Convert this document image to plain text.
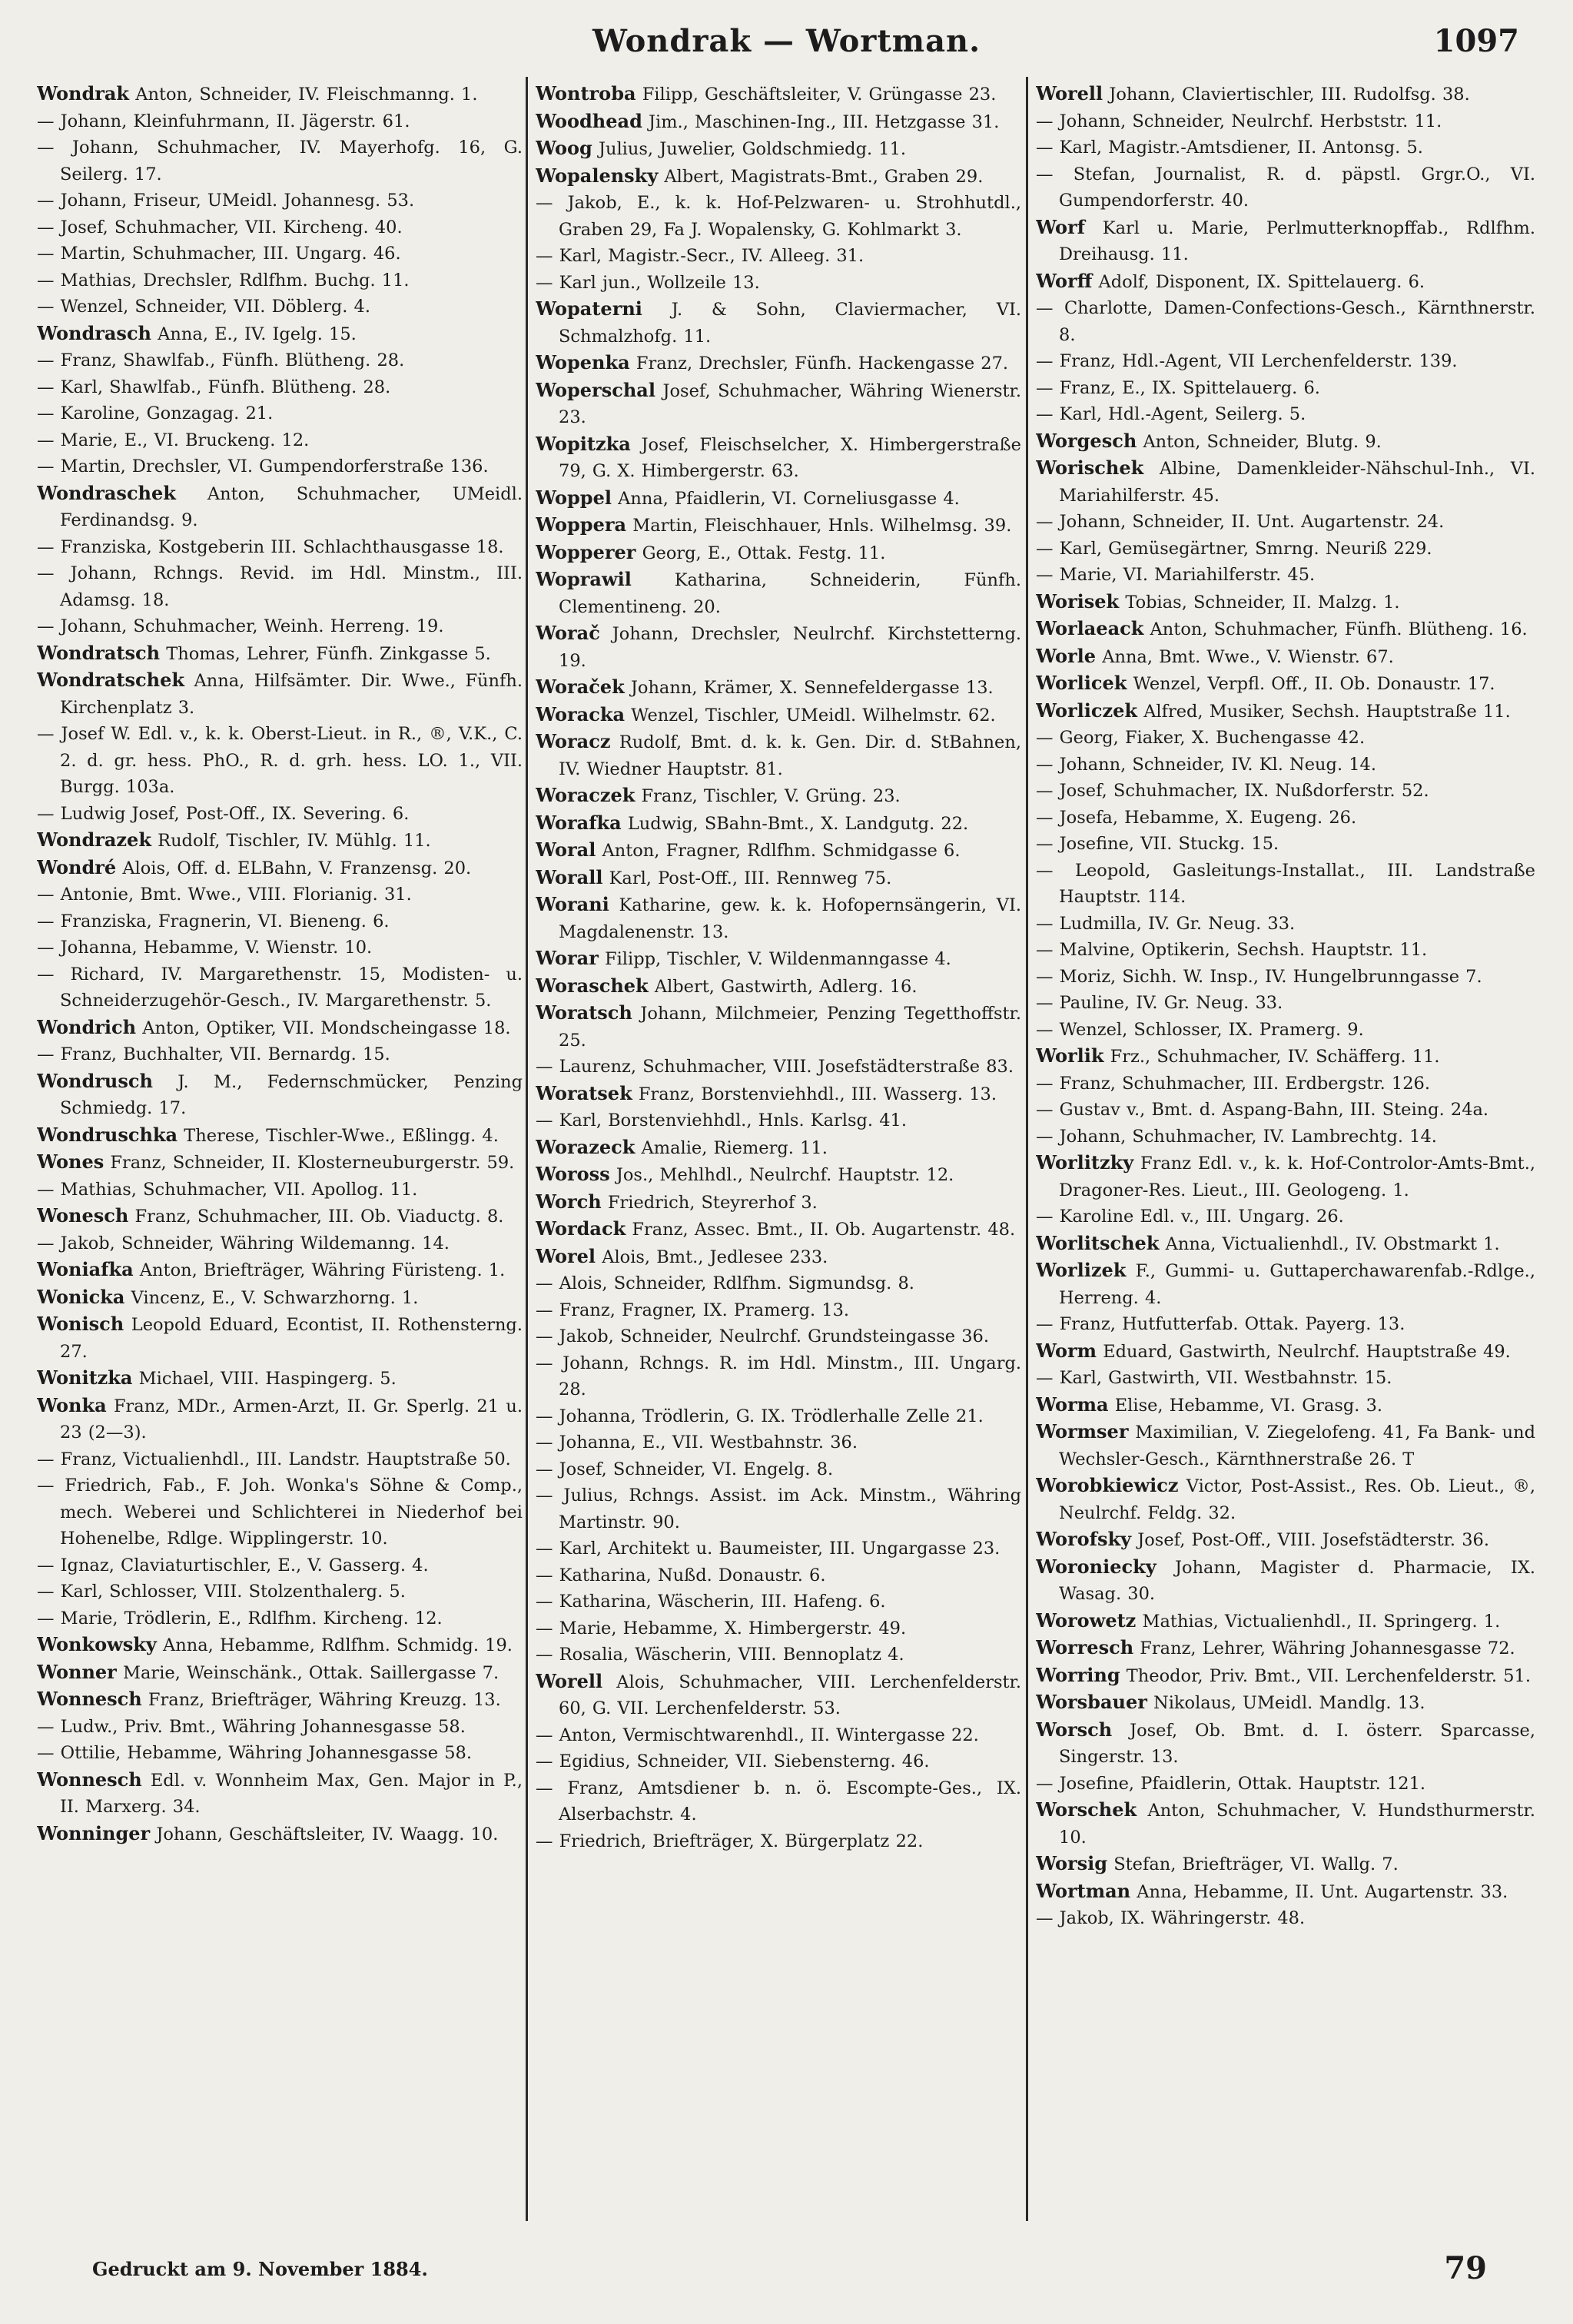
Wondrak — Wortman.	1097

Wondrak Anton, Schneider, IV. Fleischmanng. 1.

— Johann, Kleinfuhrmann, II. Jägerstr. 61.

— Johann, Schuhmacher, IV. Mayerhofg. 16, G. Seilerg. 17.

— Johann, Friseur, UMeidl. Johannesg. 53.

— Josef, Schuhmacher, VII. Kircheng. 40.

— Martin, Schuhmacher, III. Ungarg. 46.

— Mathias, Drechsler, Rdlfhm. Buchg. 11.

— Wenzel, Schneider, VII. Döblerg. 4.

Wondrasch Anna, E., IV. Igelg. 15.

— Franz, Shawlfab., Fünfh. Blütheng. 28.

— Karl, Shawlfab., Fünfh. Blütheng. 28.

— Karoline, Gonzagag. 21.

— Marie, E., VI. Bruckeng. 12.

— Martin, Drechsler, VI. Gumpendorferstraße 136.

Wondraschek Anton, Schuhmacher, UMeidl. Ferdinandsg. 9.

— Franziska, Kostgeberin III. Schlachthausgasse 18.

— Johann, Rchngs. Revid. im Hdl. Minstm., III. Adamsg. 18.

— Johann, Schuhmacher, Weinh. Herreng. 19.

Wondratsch Thomas, Lehrer, Fünfh. Zinkgasse 5.

Wondratschek Anna, Hilfsämter. Dir. Wwe., Fünfh. Kirchenplatz 3.

— Josef W. Edl. v., k. k. Oberst-Lieut. in R., ®, V.K., C. 2. d. gr. hess. PhO., R. d. grh. hess. LO. 1., VII. Burgg. 103a.

— Ludwig Josef, Post-Off., IX. Severing. 6.

Wondrazek Rudolf, Tischler, IV. Mühlg. 11.

Wondré Alois, Off. d. ELBahn, V. Franzensg. 20.

— Antonie, Bmt. Wwe., VIII. Florianig. 31.

— Franziska, Fragnerin, VI. Bieneng. 6.

— Johanna, Hebamme, V. Wienstr. 10.

— Richard, IV. Margarethenstr. 15, Modisten- u. Schneiderzugehör-Gesch., IV. Margarethenstr. 5.

Wondrich Anton, Optiker, VII. Mondscheingasse 18.

— Franz, Buchhalter, VII. Bernardg. 15.

Wondrusch J. M., Federnschmücker, Penzing Schmiedg. 17.

Wondruschka Therese, Tischler-Wwe., Eßlingg. 4.

Wones Franz, Schneider, II. Klosterneuburgerstr. 59.

— Mathias, Schuhmacher, VII. Apollog. 11.

Wonesch Franz, Schuhmacher, III. Ob. Viaductg. 8.

— Jakob, Schneider, Währing Wildemanng. 14.

Woniafka Anton, Briefträger, Währing Füristeng. 1.

Wonicka Vincenz, E., V. Schwarzhorng. 1.

Wonisch Leopold Eduard, Econtist, II. Rothensterng. 27.

Wonitzka Michael, VIII. Haspingerg. 5.

Wonka Franz, MDr., Armen-Arzt, II. Gr. Sperlg. 21 u. 23 (2—3).

— Franz, Victualienhdl., III. Landstr. Hauptstraße 50.

— Friedrich, Fab., F. Joh. Wonka's Söhne & Comp., mech. Weberei und Schlichterei in Niederhof bei Hohenelbe, Rdlge. Wipplingerstr. 10.

— Ignaz, Claviaturtischler, E., V. Gasserg. 4.

— Karl, Schlosser, VIII. Stolzenthalerg. 5.

— Marie, Trödlerin, E., Rdlfhm. Kircheng. 12.

Wonkowsky Anna, Hebamme, Rdlfhm. Schmidg. 19.

Wonner Marie, Weinschänk., Ottak. Saillergasse 7.

Wonnesch Franz, Briefträger, Währing Kreuzg. 13.

— Ludw., Priv. Bmt., Währing Johannesgasse 58.

— Ottilie, Hebamme, Währing Johannesgasse 58.

Wonnesch Edl. v. Wonnheim Max, Gen. Major in P., II. Marxerg. 34.

Wonninger Johann, Geschäftsleiter, IV. Waagg. 10.

Wontroba Filipp, Geschäftsleiter, V. Grüngasse 23.

Woodhead Jim., Maschinen-Ing., III. Hetzgasse 31.

Woog Julius, Juwelier, Goldschmiedg. 11.

Wopalensky Albert, Magistrats-Bmt., Graben 29.

— Jakob, E., k. k. Hof-Pelzwaren- u. Strohhutdl., Graben 29, Fa J. Wopalensky, G. Kohlmarkt 3.

— Karl, Magistr.-Secr., IV. Alleeg. 31.

— Karl jun., Wollzeile 13.

Wopaterni J. & Sohn, Claviermacher, VI. Schmalzhofg. 11.

Wopenka Franz, Drechsler, Fünfh. Hackengasse 27.

Woperschal Josef, Schuhmacher, Währing Wienerstr. 23.

Wopitzka Josef, Fleischselcher, X. Himbergerstraße 79, G. X. Himbergerstr. 63.

Woppel Anna, Pfaidlerin, VI. Corneliusgasse 4.

Woppera Martin, Fleischhauer, Hnls. Wilhelmsg. 39.

Wopperer Georg, E., Ottak. Festg. 11.

Woprawil Katharina, Schneiderin, Fünfh. Clementineng. 20.

Worač Johann, Drechsler, Neulrchf. Kirchstetterng. 19.

Woraček Johann, Krämer, X. Sennefeldergasse 13.

Woracka Wenzel, Tischler, UMeidl. Wilhelmstr. 62.

Woracz Rudolf, Bmt. d. k. k. Gen. Dir. d. StBahnen, IV. Wiedner Hauptstr. 81.

Woraczek Franz, Tischler, V. Grüng. 23.

Worafka Ludwig, SBahn-Bmt., X. Landgutg. 22.

Woral Anton, Fragner, Rdlfhm. Schmidgasse 6.

Worall Karl, Post-Off., III. Rennweg 75.

Worani Katharine, gew. k. k. Hofopernsängerin, VI. Magdalenenstr. 13.

Worar Filipp, Tischler, V. Wildenmanngasse 4.

Woraschek Albert, Gastwirth, Adlerg. 16.

Woratsch Johann, Milchmeier, Penzing Tegetthoffstr. 25.

— Laurenz, Schuhmacher, VIII. Josefstädterstraße 83.

Woratsek Franz, Borstenviehhdl., III. Wasserg. 13.

— Karl, Borstenviehhdl., Hnls. Karlsg. 41.

Worazeck Amalie, Riemerg. 11.

Woross Jos., Mehlhdl., Neulrchf. Hauptstr. 12.

Worch Friedrich, Steyrerhof 3.

Wordack Franz, Assec. Bmt., II. Ob. Augartenstr. 48.

Worel Alois, Bmt., Jedlesee 233.

— Alois, Schneider, Rdlfhm. Sigmundsg. 8.

— Franz, Fragner, IX. Pramerg. 13.

— Jakob, Schneider, Neulrchf. Grundsteingasse 36.

— Johann, Rchngs. R. im Hdl. Minstm., III. Ungarg. 28.

— Johanna, Trödlerin, G. IX. Trödlerhalle Zelle 21.

— Johanna, E., VII. Westbahnstr. 36.

— Josef, Schneider, VI. Engelg. 8.

— Julius, Rchngs. Assist. im Ack. Minstm., Währing Martinstr. 90.

— Karl, Architekt u. Baumeister, III. Ungargasse 23.

— Katharina, Nußd. Donaustr. 6.

— Katharina, Wäscherin, III. Hafeng. 6.

— Marie, Hebamme, X. Himbergerstr. 49.

— Rosalia, Wäscherin, VIII. Bennoplatz 4.

Worell Alois, Schuhmacher, VIII. Lerchenfelderstr. 60, G. VII. Lerchenfelderstr. 53.

— Anton, Vermischtwarenhdl., II. Wintergasse 22.

— Egidius, Schneider, VII. Siebensterng. 46.

— Franz, Amtsdiener b. n. ö. Escompte-Ges., IX. Alserbachstr. 4.

— Friedrich, Briefträger, X. Bürgerplatz 22.

Worell Johann, Claviertischler, III. Rudolfsg. 38.

— Johann, Schneider, Neulrchf. Herbststr. 11.

— Karl, Magistr.-Amtsdiener, II. Antonsg. 5.

— Stefan, Journalist, R. d. päpstl. Grgr.O., VI. Gumpendorferstr. 40.

Worf Karl u. Marie, Perlmutterknopffab., Rdlfhm. Dreihausg. 11.

Worff Adolf, Disponent, IX. Spittelauerg. 6.

— Charlotte, Damen-Confections-Gesch., Kärnthnerstr. 8.

— Franz, Hdl.-Agent, VII Lerchenfelderstr. 139.

— Franz, E., IX. Spittelauerg. 6.

— Karl, Hdl.-Agent, Seilerg. 5.

Worgesch Anton, Schneider, Blutg. 9.

Worischek Albine, Damenkleider-Nähschul-Inh., VI. Mariahilferstr. 45.

— Johann, Schneider, II. Unt. Augartenstr. 24.

— Karl, Gemüsegärtner, Smrng. Neuriß 229.

— Marie, VI. Mariahilferstr. 45.

Worisek Tobias, Schneider, II. Malzg. 1.

Worlaeack Anton, Schuhmacher, Fünfh. Blütheng. 16.

Worle Anna, Bmt. Wwe., V. Wienstr. 67.

Worlicek Wenzel, Verpfl. Off., II. Ob. Donaustr. 17.

Worliczek Alfred, Musiker, Sechsh. Hauptstraße 11.

— Georg, Fiaker, X. Buchengasse 42.

— Johann, Schneider, IV. Kl. Neug. 14.

— Josef, Schuhmacher, IX. Nußdorferstr. 52.

— Josefa, Hebamme, X. Eugeng. 26.

— Josefine, VII. Stuckg. 15.

— Leopold, Gasleitungs-Installat., III. Landstraße Hauptstr. 114.

— Ludmilla, IV. Gr. Neug. 33.

— Malvine, Optikerin, Sechsh. Hauptstr. 11.

— Moriz, Sichh. W. Insp., IV. Hungelbrunngasse 7.

— Pauline, IV. Gr. Neug. 33.

— Wenzel, Schlosser, IX. Pramerg. 9.

Worlik Frz., Schuhmacher, IV. Schäfferg. 11.

— Franz, Schuhmacher, III. Erdbergstr. 126.

— Gustav v., Bmt. d. Aspang-Bahn, III. Steing. 24a.

— Johann, Schuhmacher, IV. Lambrechtg. 14.

Worlitzky Franz Edl. v., k. k. Hof-Controlor-Amts-Bmt., Dragoner-Res. Lieut., III. Geologeng. 1.

— Karoline Edl. v., III. Ungarg. 26.

Worlitschek Anna, Victualienhdl., IV. Obstmarkt 1.

Worlizek F., Gummi- u. Guttaperchawarenfab.-Rdlge., Herreng. 4.

— Franz, Hutfutterfab. Ottak. Payerg. 13.

Worm Eduard, Gastwirth, Neulrchf. Hauptstraße 49.

— Karl, Gastwirth, VII. Westbahnstr. 15.

Worma Elise, Hebamme, VI. Grasg. 3.

Wormser Maximilian, V. Ziegelofeng. 41, Fa Bank- und Wechsler-Gesch., Kärnthnerstraße 26. T

Worobkiewicz Victor, Post-Assist., Res. Ob. Lieut., ®, Neulrchf. Feldg. 32.

Worofsky Josef, Post-Off., VIII. Josefstädterstr. 36.

Woroniecky Johann, Magister d. Pharmacie, IX. Wasag. 30.

Worowetz Mathias, Victualienhdl., II. Springerg. 1.

Worresch Franz, Lehrer, Währing Johannesgasse 72.

Worring Theodor, Priv. Bmt., VII. Lerchenfelderstr. 51.

Worsbauer Nikolaus, UMeidl. Mandlg. 13.

Worsch Josef, Ob. Bmt. d. I. österr. Sparcasse, Singerstr. 13.

— Josefine, Pfaidlerin, Ottak. Hauptstr. 121.

Worschek Anton, Schuhmacher, V. Hundsthurmerstr. 10.

Worsig Stefan, Briefträger, VI. Wallg. 7.

Wortman Anna, Hebamme, II. Unt. Augartenstr. 33.

— Jakob, IX. Währingerstr. 48.

Gedruckt am 9. November 1884.	79
